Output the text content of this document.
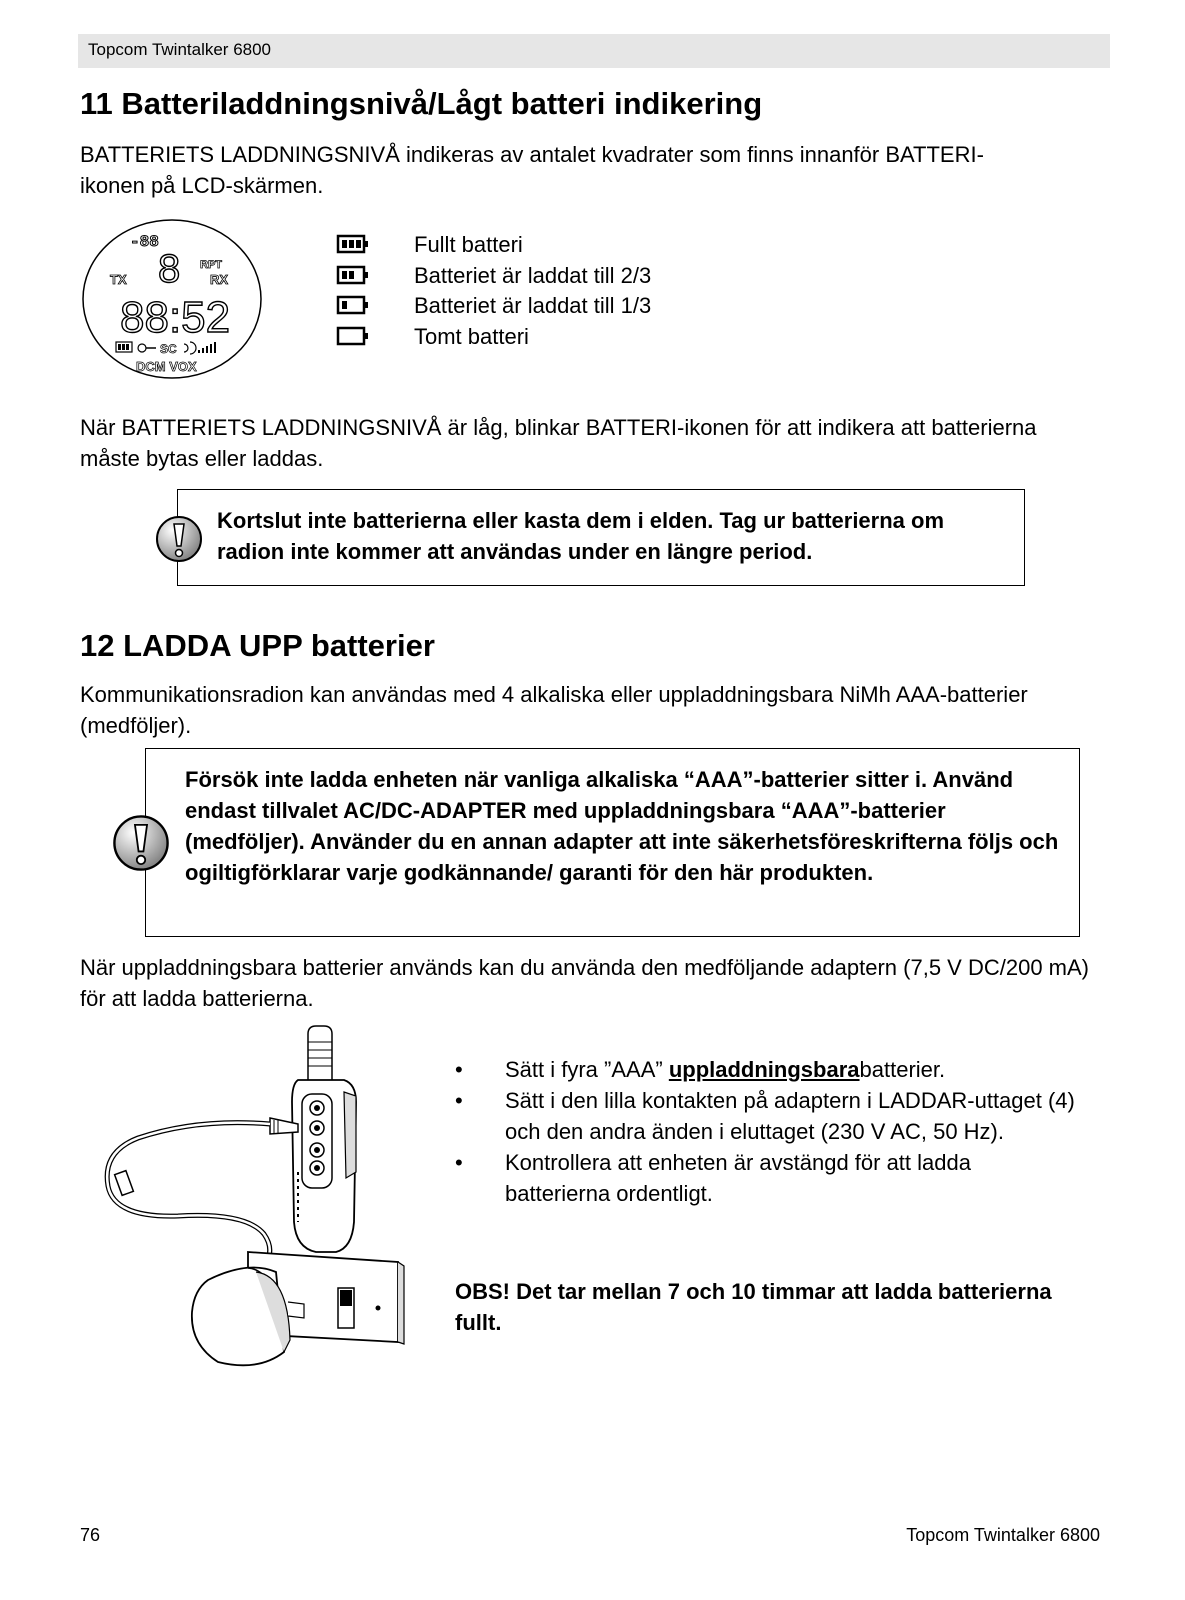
Topcom Twintalker 6800
11 Batteriladdningsnivå/Lågt batteri indikering
BATTERIETS LADDNINGSNIVÅ indikeras av antalet kvadrater som finns innanför BATTERI-ikonen på LCD-skärmen.
-88
8
TX
RPT
RX
88:52
SC
DCM VOX
Fullt batteri
Batteriet är laddat till 2/3
Batteriet är laddat till 1/3
Tomt batteri
När BATTERIETS LADDNINGSNIVÅ är låg, blinkar BATTERI-ikonen för att indikera att batterierna måste bytas eller laddas.
Kortslut inte batterierna eller kasta dem i elden. Tag ur batterierna om radion inte kommer att användas under en längre period.
12 LADDA UPP batterier
Kommunikationsradion kan användas med 4 alkaliska eller uppladdningsbara NiMh AAA-batterier (medföljer).
Försök inte ladda enheten när vanliga alkaliska “AAA”-batterier sitter i. Använd endast tillvalet AC/DC-ADAPTER med uppladdningsbara “AAA”-batterier (medföljer). Använder du en annan adapter att inte säkerhetsföreskrifterna följs och ogiltigförklarar varje godkännande/ garanti för den här produkten.
När uppladdningsbara batterier används kan du använda den medföljande adaptern (7,5 V DC/200 mA) för att ladda batterierna.
• Sätt i fyra ”AAA” uppladdningsbarabatterier.
• Sätt i den lilla kontakten på adaptern i LADDAR-uttaget (4) och den andra änden i eluttaget (230 V AC, 50 Hz).
• Kontrollera att enheten är avstängd för att ladda batterierna ordentligt.
OBS! Det tar mellan 7 och 10 timmar att ladda batterierna fullt.
76	Topcom Twintalker 6800
